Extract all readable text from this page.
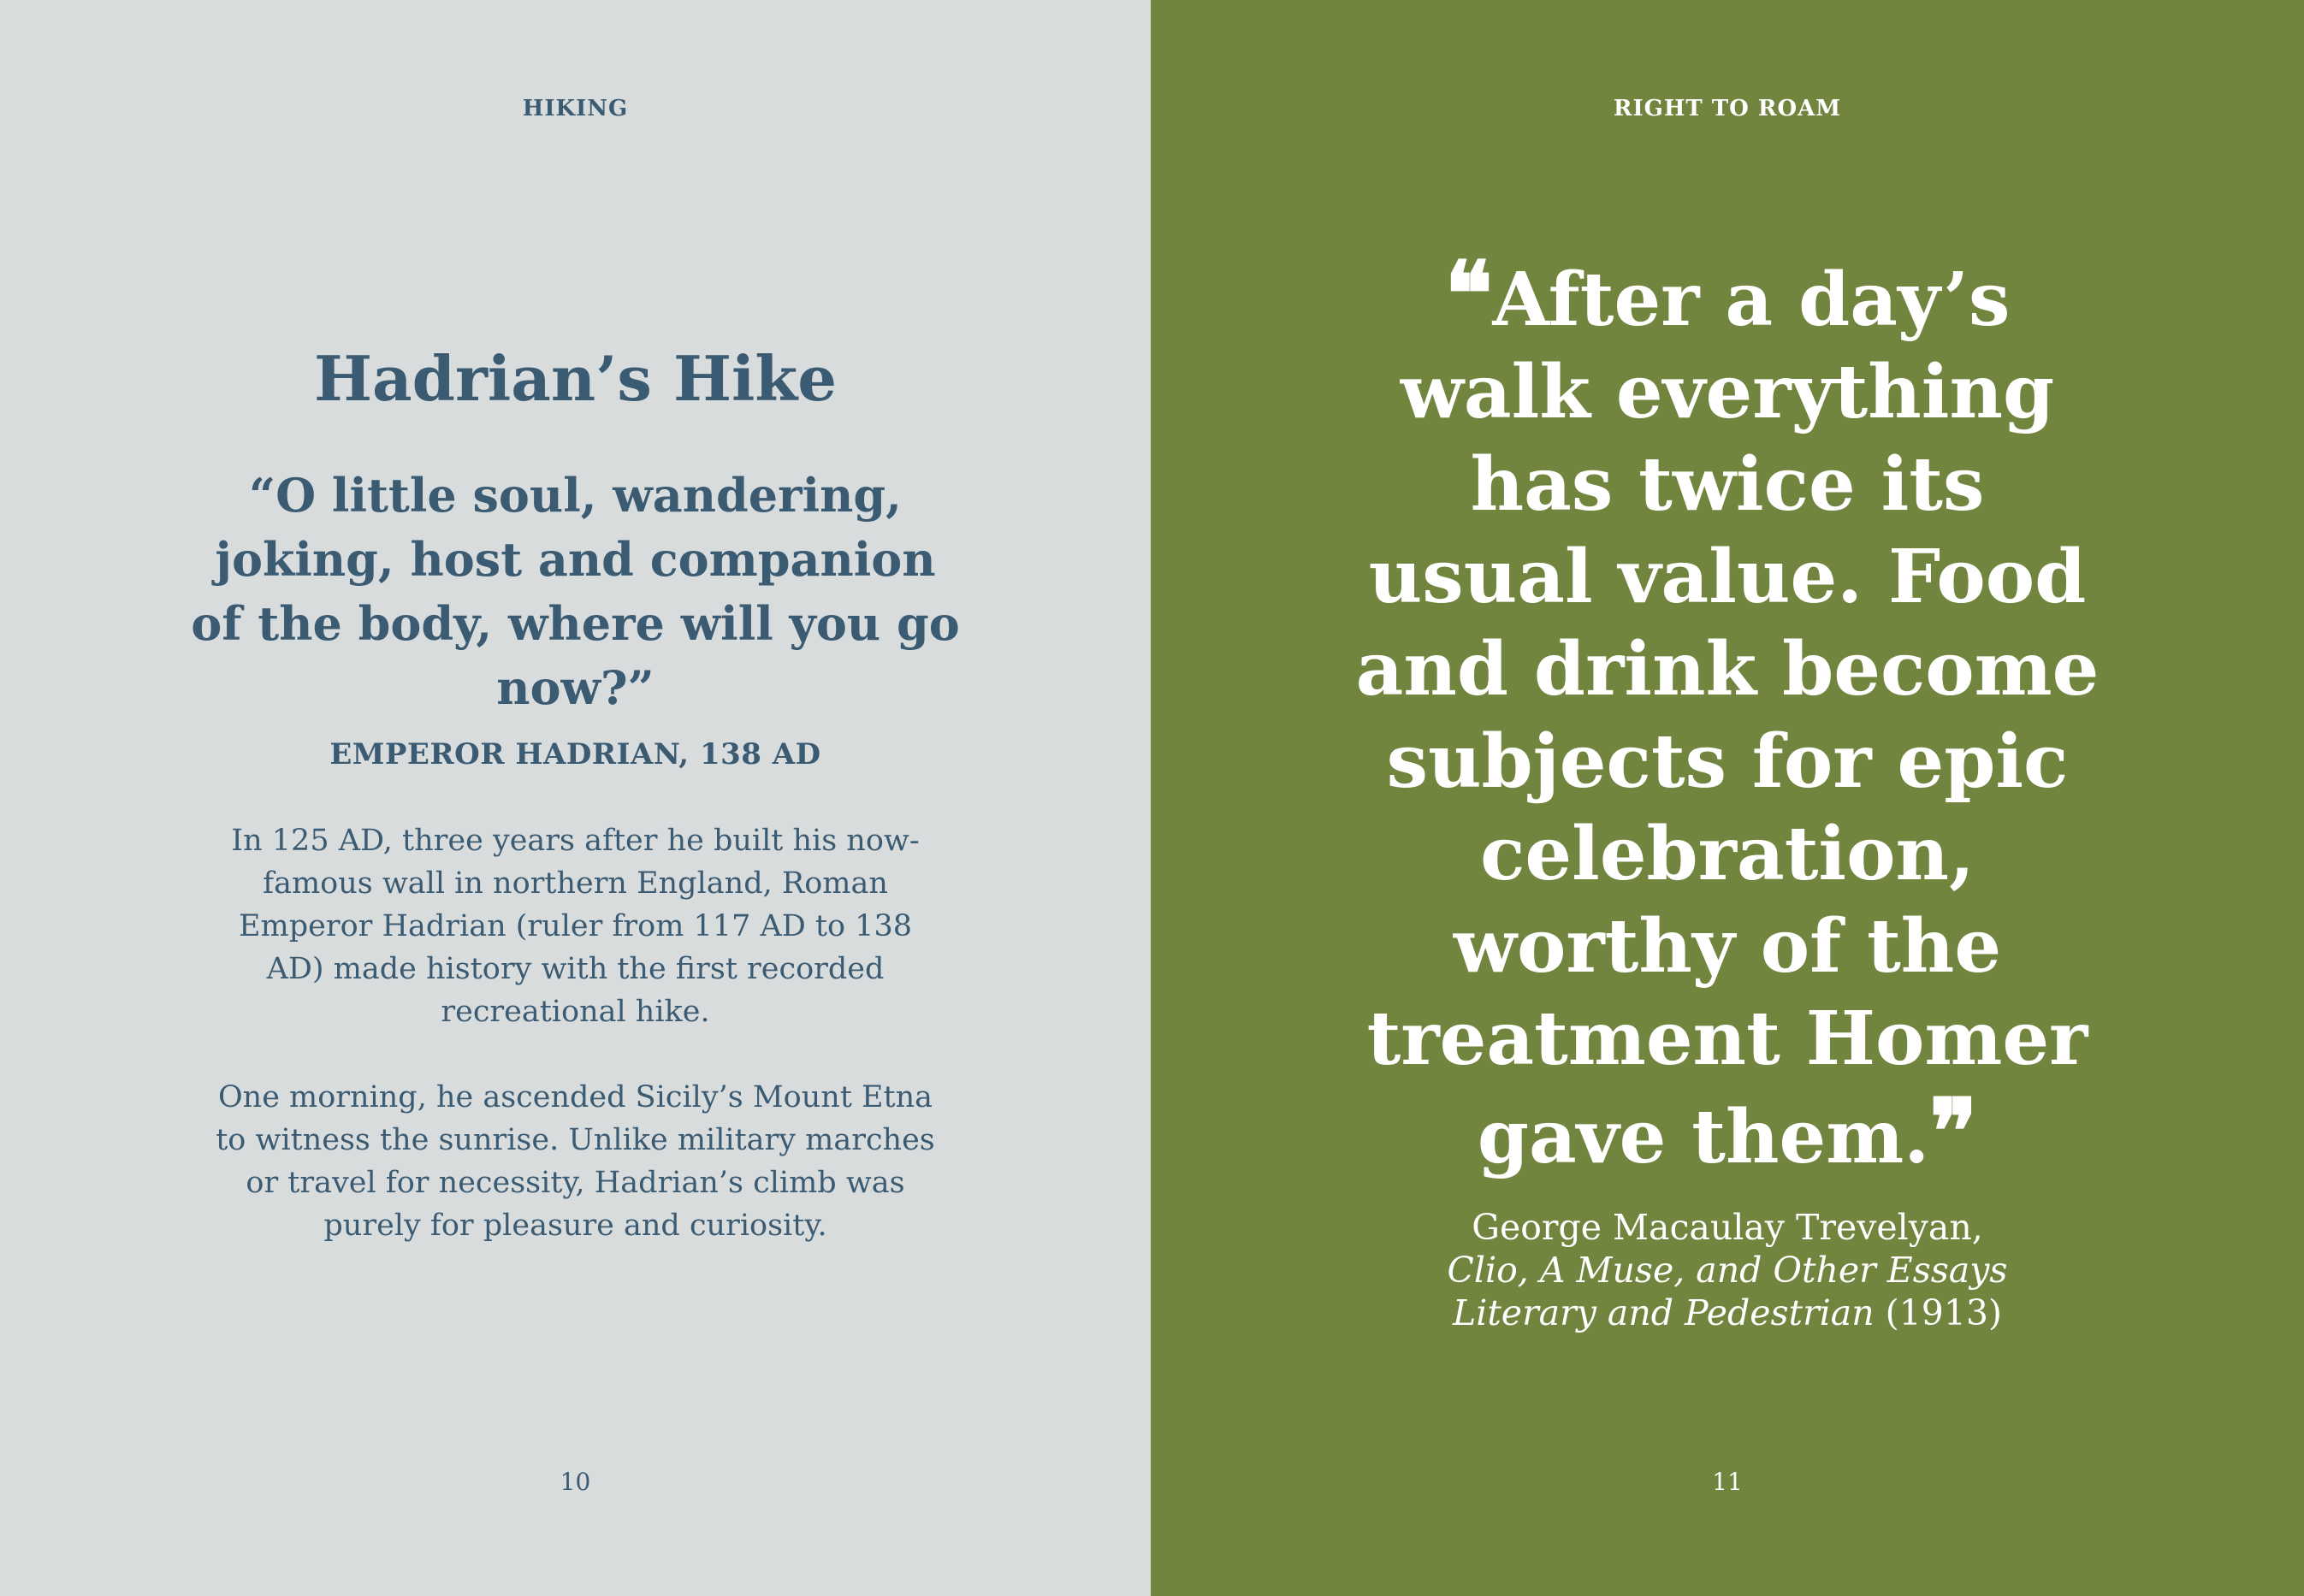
HIKING
Hadrian’s Hike

“O little soul, wandering, joking, host and companion of the body, where will you go now?”

EMPEROR HADRIAN, 138 AD

In 125 AD, three years after he built his now-famous wall in northern England, Roman Emperor Hadrian (ruler from 117 AD to 138 AD) made history with the first recorded recreational hike.

One morning, he ascended Sicily’s Mount Etna to witness the sunrise. Unlike military marches or travel for necessity, Hadrian’s climb was purely for pleasure and curiosity.

10
RIGHT TO ROAM

❝After a day’s walk everything has twice its usual value. Food and drink become subjects for epic celebration, worthy of the treatment Homer gave them.❞

George Macaulay Trevelyan,
Clio, A Muse, and Other Essays
Literary and Pedestrian (1913)
11
